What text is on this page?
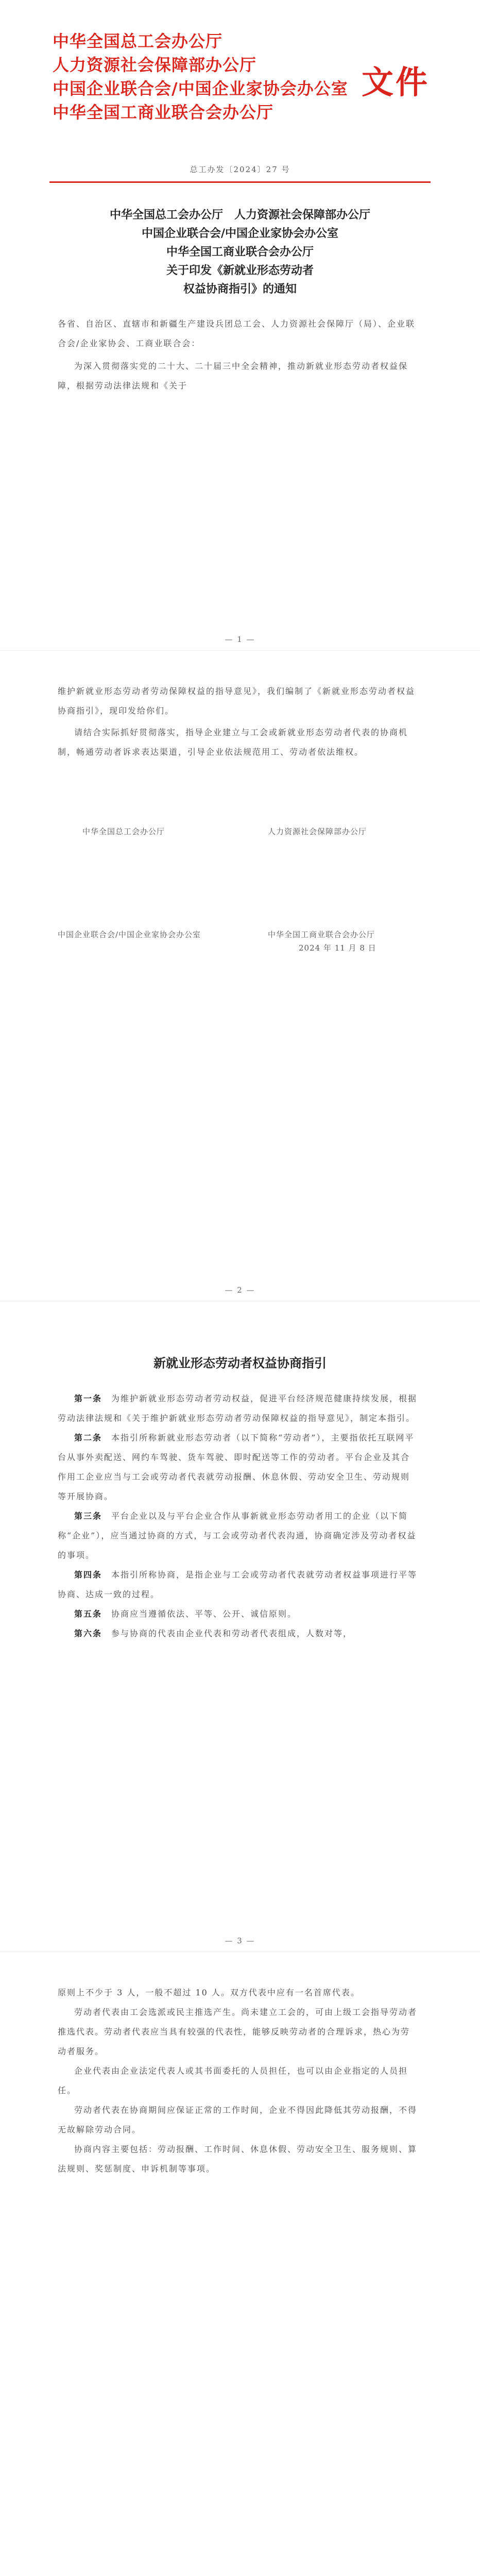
中华全国总工会办公厅
人力资源社会保障部办公厅
中国企业联合会/中国企业家协会办公室
中华全国工商业联合会办公厅
文件
总工办发〔2024〕27 号
中华全国总工会办公厅　人力资源社会保障部办公厅
中国企业联合会/中国企业家协会办公室
中华全国工商业联合会办公厅
关于印发《新就业形态劳动者
权益协商指引》的通知
各省、自治区、直辖市和新疆生产建设兵团总工会、人力资源社会保障厅（局）、企业联合会/企业家协会、工商业联合会：
为深入贯彻落实党的二十大、二十届三中全会精神，推动新就业形态劳动者权益保障，根据劳动法律法规和《关于
— 1 —
维护新就业形态劳动者劳动保障权益的指导意见》，我们编制了《新就业形态劳动者权益协商指引》，现印发给你们。
请结合实际抓好贯彻落实，指导企业建立与工会或新就业形态劳动者代表的协商机制，畅通劳动者诉求表达渠道，引导企业依法规范用工、劳动者依法维权。
中华全国总工会办公厅	人力资源社会保障部办公厅
中国企业联合会/中国企业家协会办公室	中华全国工商业联合会办公厅
2024 年 11 月 8 日
— 2 —
新就业形态劳动者权益协商指引

第一条　 为维护新就业形态劳动者劳动权益，促进平台经济规范健康持续发展，根据劳动法律法规和《关于维护新就业形态劳动者劳动保障权益的指导意见》，制定本指引。

第二条　 本指引所称新就业形态劳动者（以下简称“劳动者”），主要指依托互联网平台从事外卖配送、网约车驾驶、货车驾驶、即时配送等工作的劳动者。平台企业及其合作用工企业应当与工会或劳动者代表就劳动报酬、休息休假、劳动安全卫生、劳动规则等开展协商。

第三条　 平台企业以及与平台企业合作从事新就业形态劳动者用工的企业（以下简称“企业”），应当通过协商的方式，与工会或劳动者代表沟通，协商确定涉及劳动者权益的事项。

第四条　 本指引所称协商，是指企业与工会或劳动者代表就劳动者权益事项进行平等协商、达成一致的过程。

第五条　 协商应当遵循依法、平等、公开、诚信原则。

第六条　 参与协商的代表由企业代表和劳动者代表组成，人数对等，

— 3 —

原则上不少于 3 人，一般不超过 10 人。双方代表中应有一名首席代表。

劳动者代表由工会选派或民主推选产生。尚未建立工会的，可由上级工会指导劳动者推选代表。劳动者代表应当具有较强的代表性，能够反映劳动者的合理诉求，热心为劳动者服务。

企业代表由企业法定代表人或其书面委托的人员担任，也可以由企业指定的人员担任。

劳动者代表在协商期间应保证正常的工作时间，企业不得因此降低其劳动报酬，不得无故解除劳动合同。

协商内容主要包括：劳动报酬、工作时间、休息休假、劳动安全卫生、服务规则、算法规则、奖惩制度、申诉机制等事项。
